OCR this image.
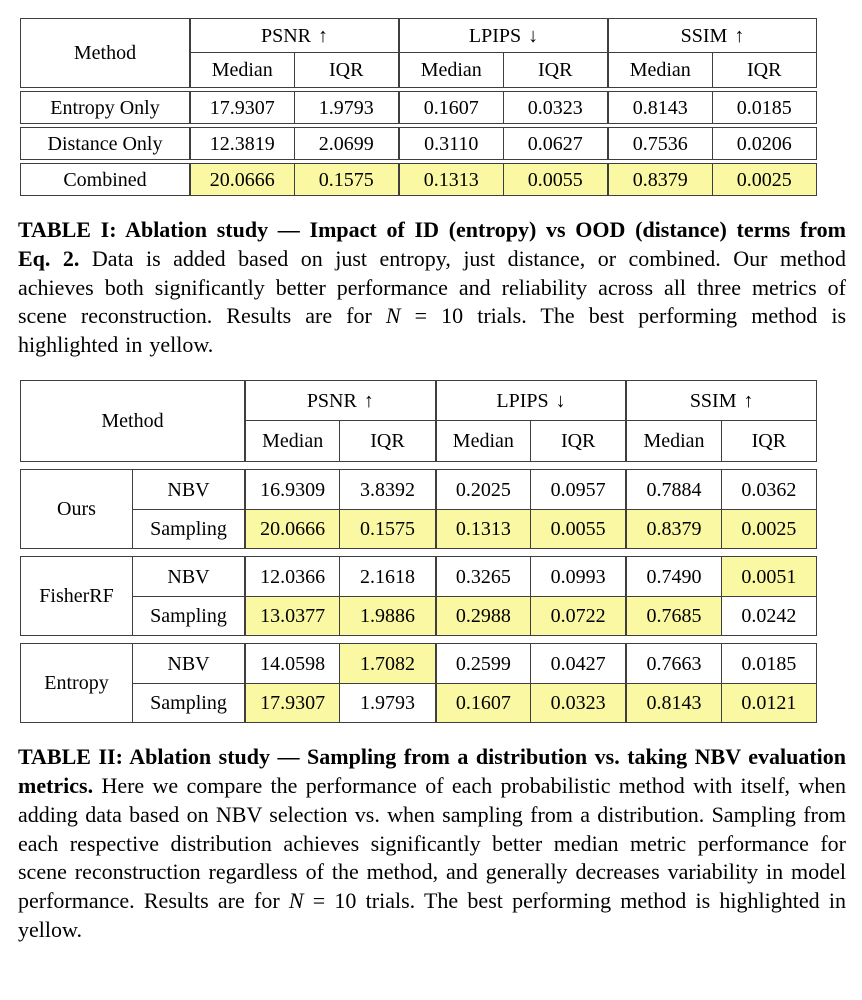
Method
PSNR ↑	LPIPS ↓	SSIM ↑
Median	IQR	Median	IQR	Median	IQR
Entropy Only	17.9307	1.9793	0.1607	0.0323	0.8143	0.0185
Distance Only	12.3819	2.0699	0.3110	0.0627	0.7536	0.0206
Combined	20.0666	0.1575	0.1313	0.0055	0.8379	0.0025

TABLE I: Ablation study — Impact of ID (entropy) vs OOD (distance) terms from Eq. 2. Data is added based on just entropy, just distance, or combined. Our method achieves both significantly better performance and reliability across all three metrics of scene reconstruction. Results are for N = 10 trials. The best performing method is highlighted in yellow.

Method
PSNR ↑	LPIPS ↓	SSIM ↑
Median	IQR	Median	IQR	Median	IQR
Ours
NBV	16.9309	3.8392	0.2025	0.0957	0.7884	0.0362
Sampling	20.0666	0.1575	0.1313	0.0055	0.8379	0.0025
FisherRF
NBV	12.0366	2.1618	0.3265	0.0993	0.7490	0.0051
Sampling	13.0377	1.9886	0.2988	0.0722	0.7685	0.0242
Entropy
NBV	14.0598	1.7082	0.2599	0.0427	0.7663	0.0185
Sampling	17.9307	1.9793	0.1607	0.0323	0.8143	0.0121

TABLE II: Ablation study — Sampling from a distribution vs. taking NBV evaluation metrics. Here we compare the performance of each probabilistic method with itself, when adding data based on NBV selection vs. when sampling from a distribution. Sampling from each respective distribution achieves significantly better median metric performance for scene reconstruction regardless of the method, and generally decreases variability in model performance. Results are for N = 10 trials. The best performing method is highlighted in yellow.
